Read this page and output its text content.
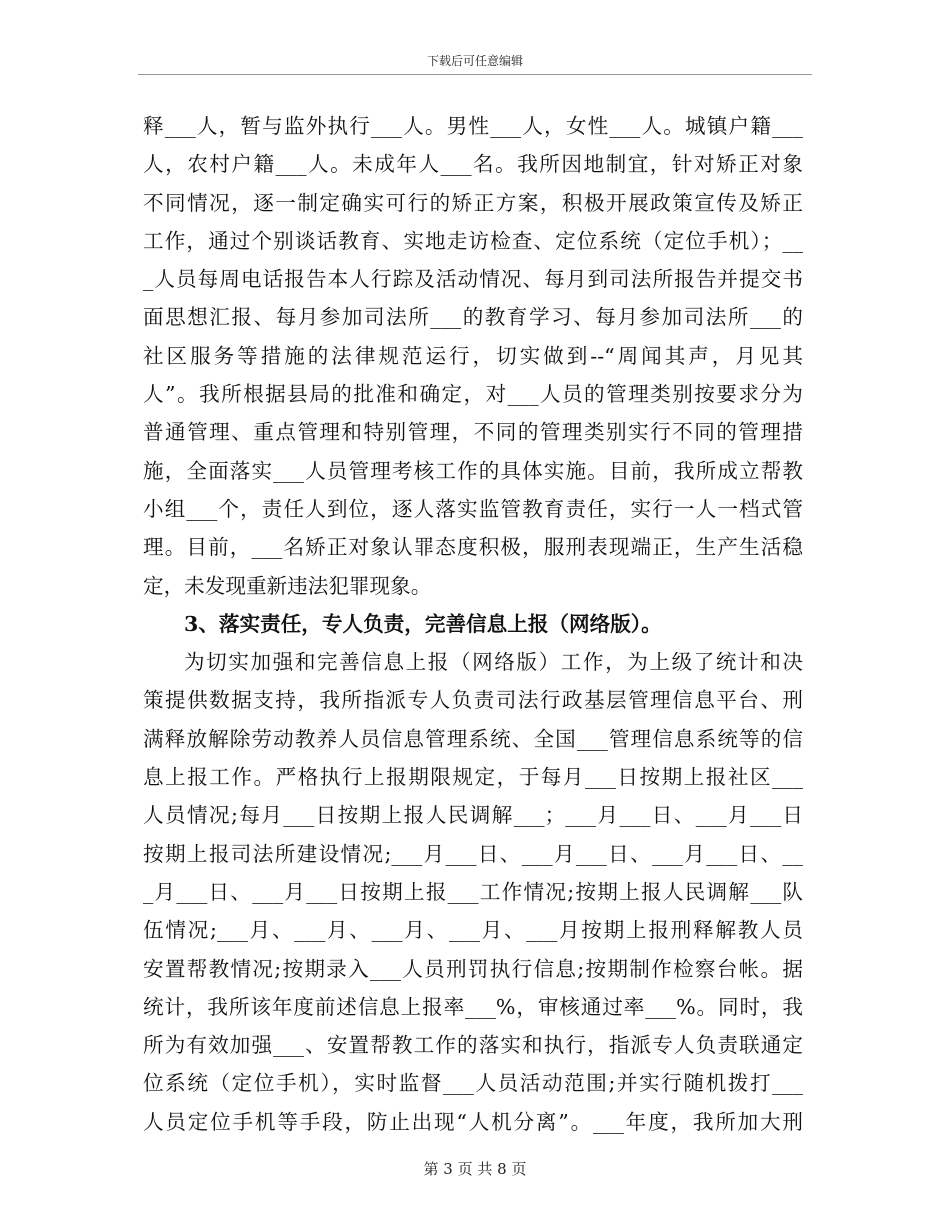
下载后可任意编辑
释___人，暂与监外执行___人。男性___人，女性___人。城镇户籍___
人，农村户籍___人。未成年人___名。我所因地制宜，针对矫正对象
不同情况，逐一制定确实可行的矫正方案，积极开展政策宣传及矫正
工作，通过个别谈话教育、实地走访检查、定位系统（定位手机）；__
_人员每周电话报告本人行踪及活动情况、每月到司法所报告并提交书
面思想汇报、每月参加司法所___的教育学习、每月参加司法所___的
社区服务等措施的法律规范运行，切实做到--“周闻其声，月见其
人”。我所根据县局的批准和确定，对___人员的管理类别按要求分为
普通管理、重点管理和特别管理，不同的管理类别实行不同的管理措
施，全面落实___人员管理考核工作的具体实施。目前，我所成立帮教
小组___个，责任人到位，逐人落实监管教育责任，实行一人一档式管
理。目前，___名矫正对象认罪态度积极，服刑表现端正，生产生活稳
定，未发现重新违法犯罪现象。
3、落实责任，专人负责，完善信息上报（网络版）。
为切实加强和完善信息上报（网络版）工作，为上级了统计和决
策提供数据支持，我所指派专人负责司法行政基层管理信息平台、刑
满释放解除劳动教养人员信息管理系统、全国___管理信息系统等的信
息上报工作。严格执行上报期限规定，于每月___日按期上报社区___
人员情况;每月___日按期上报人民调解___；___月___日、___月___日
按期上报司法所建设情况;___月___日、___月___日、___月___日、__
_月___日、___月___日按期上报___工作情况;按期上报人民调解___队
伍情况;___月、___月、___月、___月、___月按期上报刑释解教人员
安置帮教情况;按期录入___人员刑罚执行信息;按期制作检察台帐。据
统计，我所该年度前述信息上报率___%，审核通过率___%。同时，我
所为有效加强___、安置帮教工作的落实和执行，指派专人负责联通定
位系统（定位手机），实时监督___人员活动范围;并实行随机拨打___
人员定位手机等手段，防止出现“人机分离”。___年度，我所加大刑
第 3 页 共 8 页
